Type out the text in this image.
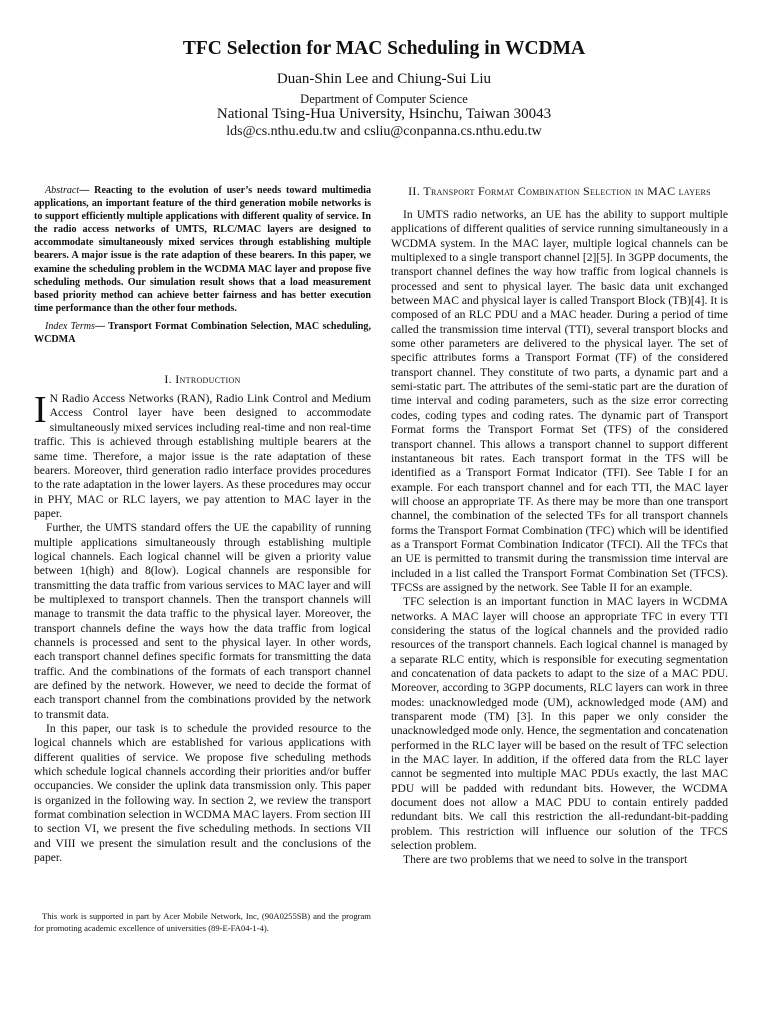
TFC Selection for MAC Scheduling in WCDMA
Duan-Shin Lee and Chiung-Sui Liu
Department of Computer Science
National Tsing-Hua University, Hsinchu, Taiwan 30043
lds@cs.nthu.edu.tw and csliu@conpanna.cs.nthu.edu.tw

Abstract— Reacting to the evolution of user’s needs toward multimedia applications, an important feature of the third generation mobile networks is to support efficiently multiple applications with different quality of service. In the radio access networks of UMTS, RLC/MAC layers are designed to accommodate simultaneously mixed services through establishing multiple bearers. A major issue is the rate adaption of these bearers. In this paper, we examine the scheduling problem in the WCDMA MAC layer and propose five scheduling methods. Our simulation result shows that a load measurement based priority method can achieve better fairness and has better execution time performance than the other four methods.

Index Terms— Transport Format Combination Selection, MAC scheduling, WCDMA

I. Introduction

I N Radio Access Networks (RAN), Radio Link Control and Medium Access Control layer have been designed to accommodate simultaneously mixed services including real-time and non real-time traffic. This is achieved through establishing multiple bearers at the same time. Therefore, a major issue is the rate adaptation of these bearers. Moreover, third generation radio interface provides procedures to the rate adaptation in the lower layers. As these procedures may occur in PHY, MAC or RLC layers, we pay attention to MAC layer in the paper.

Further, the UMTS standard offers the UE the capability of running multiple applications simultaneously through establishing multiple logical channels. Each logical channel will be given a priority value between 1(high) and 8(low). Logical channels are responsible for transmitting the data traffic from various services to MAC layer and will be multiplexed to transport channels. Then the transport channels will manage to transmit the data traffic to the physical layer. Moreover, the transport channels define the ways how the data traffic from logical channels is processed and sent to the physical layer. In other words, each transport channel defines specific formats for transmitting the data traffic. And the combinations of the formats of each transport channel are defined by the network. However, we need to decide the format of each transport channel from the combinations provided by the network to transmit data.

In this paper, our task is to schedule the provided resource to the logical channels which are established for various applications with different qualities of service. We propose five scheduling methods which schedule logical channels according their priorities and/or buffer occupancies. We consider the uplink data transmission only. This paper is organized in the following way. In section 2, we review the transport format combination selection in WCDMA MAC layers. From section III to section VI, we present the five scheduling methods. In sections VII and VIII we present the simulation result and the conclusions of the paper.

This work is supported in part by Acer Mobile Network, Inc, (90A0255SB) and the program for promoting academic excellence of universities (89-E-FA04-1-4).

II. Transport Format Combination Selection in MAC layers

In UMTS radio networks, an UE has the ability to support multiple applications of different qualities of service running simultaneously in a WCDMA system. In the MAC layer, multiple logical channels can be multiplexed to a single transport channel [2][5]. In 3GPP documents, the transport channel defines the way how traffic from logical channels is processed and sent to physical layer. The basic data unit exchanged between MAC and physical layer is called Transport Block (TB)[4]. It is composed of an RLC PDU and a MAC header. During a period of time called the transmission time interval (TTI), several transport blocks and some other parameters are delivered to the physical layer. The set of specific attributes forms a Transport Format (TF) of the considered transport channel. They constitute of two parts, a dynamic part and a semi-static part. The attributes of the semi-static part are the duration of time interval and coding parameters, such as the size error correcting codes, coding types and coding rates. The dynamic part of Transport Format forms the Transport Format Set (TFS) of the considered transport channel. This allows a transport channel to support different instantaneous bit rates. Each transport format in the TFS will be identified as a Transport Format Indicator (TFI). See Table I for an example. For each transport channel and for each TTI, the MAC layer will choose an appropriate TF. As there may be more than one transport channel, the combination of the selected TFs for all transport channels forms the Transport Format Combination (TFC) which will be identified as a Transport Format Combination Indicator (TFCI). All the TFCs that an UE is permitted to transmit during the transmission time interval are included in a list called the Transport Format Combination Set (TFCS). TFCSs are assigned by the network. See Table II for an example.

TFC selection is an important function in MAC layers in WCDMA networks. A MAC layer will choose an appropriate TFC in every TTI considering the status of the logical channels and the provided radio resources of the transport channels. Each logical channel is managed by a separate RLC entity, which is responsible for executing segmentation and concatenation of data packets to adapt to the size of a MAC PDU. Moreover, according to 3GPP documents, RLC layers can work in three modes: unacknowledged mode (UM), acknowledged mode (AM) and transparent mode (TM) [3]. In this paper we only consider the unacknowledged mode only. Hence, the segmentation and concatenation performed in the RLC layer will be based on the result of TFC selection in the MAC layer. In addition, if the offered data from the RLC layer cannot be segmented into multiple MAC PDUs exactly, the last MAC PDU will be padded with redundant bits. However, the WCDMA document does not allow a MAC PDU to contain entirely padded redundant bits. We call this restriction the all-redundant-bit-padding problem. This restriction will influence our solution of the TFCS selection problem.

There are two problems that we need to solve in the transport
